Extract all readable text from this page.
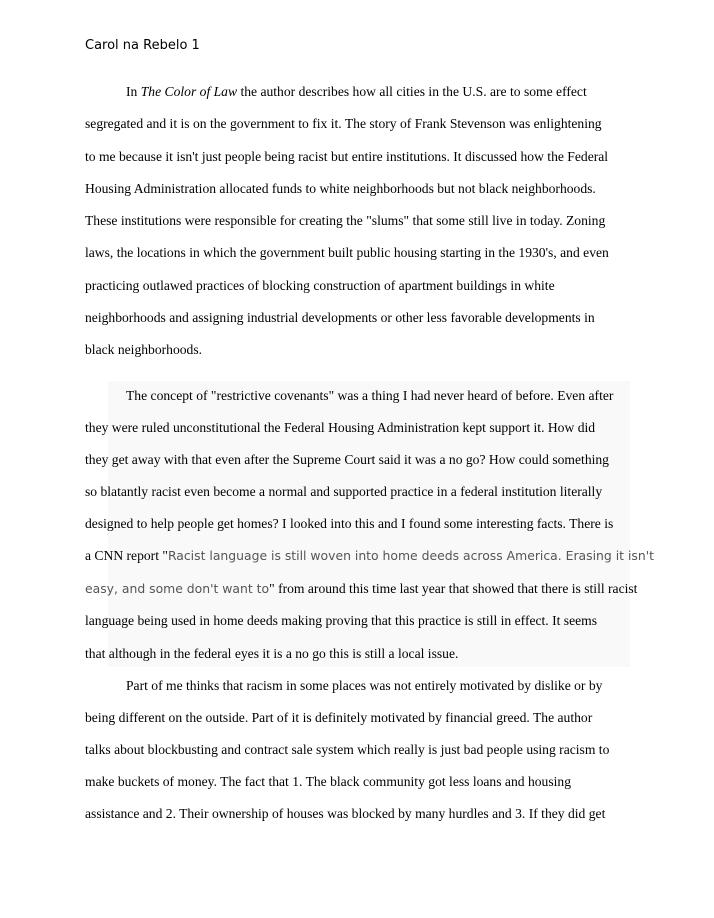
Carol na Rebelo 1
In The Color of Law the author describes how all cities in the U.S. are to some effect
segregated and it is on the government to fix it. The story of Frank Stevenson was enlightening
to me because it isn't just people being racist but entire institutions. It discussed how the Federal
Housing Administration allocated funds to white neighborhoods but not black neighborhoods.
These institutions were responsible for creating the "slums" that some still live in today. Zoning
laws, the locations in which the government built public housing starting in the 1930's, and even
practicing outlawed practices of blocking construction of apartment buildings in white
neighborhoods and assigning industrial developments or other less favorable developments in
black neighborhoods.
The concept of "restrictive covenants" was a thing I had never heard of before. Even after
they were ruled unconstitutional the Federal Housing Administration kept support it. How did
they get away with that even after the Supreme Court said it was a no go? How could something
so blatantly racist even become a normal and supported practice in a federal institution literally
designed to help people get homes? I looked into this and I found some interesting facts. There is
a CNN report "Racist language is still woven into home deeds across America. Erasing it isn't
easy, and some don't want to" from around this time last year that showed that there is still racist
language being used in home deeds making proving that this practice is still in effect. It seems
that although in the federal eyes it is a no go this is still a local issue.
Part of me thinks that racism in some places was not entirely motivated by dislike or by
being different on the outside. Part of it is definitely motivated by financial greed. The author
talks about blockbusting and contract sale system which really is just bad people using racism to
make buckets of money. The fact that 1. The black community got less loans and housing
assistance and 2. Their ownership of houses was blocked by many hurdles and 3. If they did get
